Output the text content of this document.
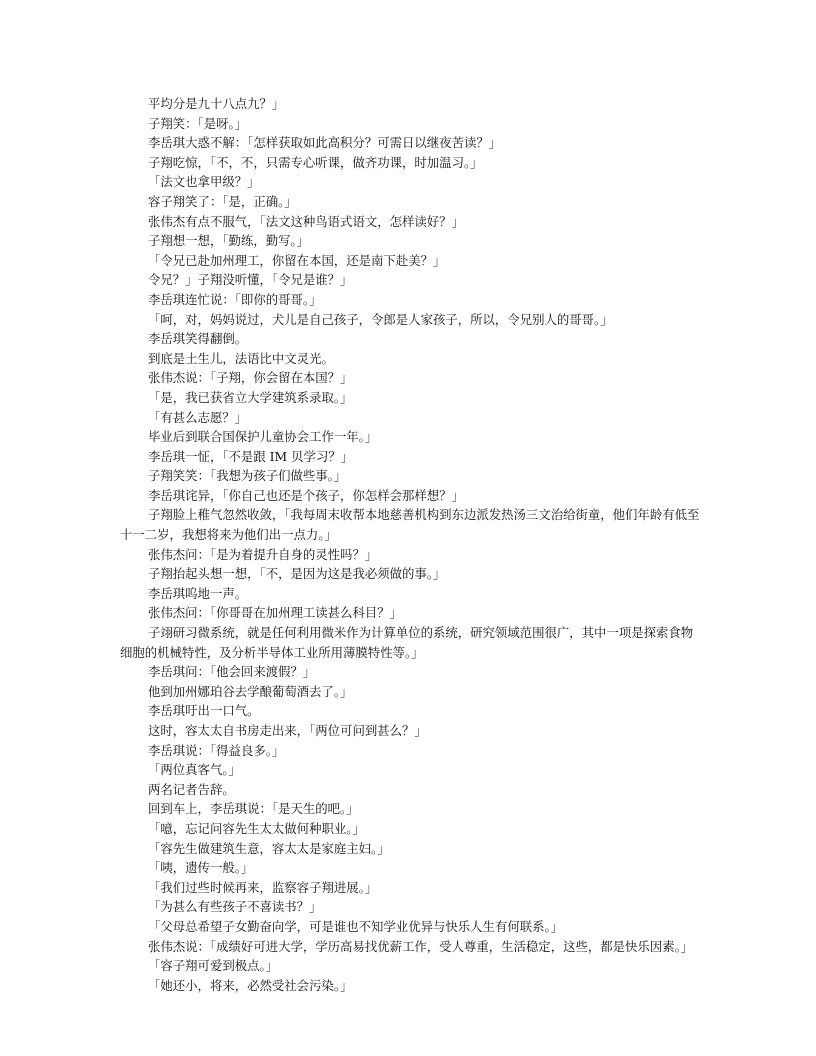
平均分是九十八点九？」

子翔笑：「是呀。」

李岳琪大惑不解：「怎样获取如此高积分？可需日以继夜苦读？」

子翔吃惊，「不，不，只需专心听课，做齐功课，时加温习。」

「法文也拿甲级？」

容子翔笑了：「是，正确。」

张伟杰有点不服气，「法文这种鸟语式语文，怎样读好？」

子翔想一想，「勤练，勤写。」

「令兄已赴加州理工，你留在本国，还是南下赴美？」

令兄？」子翔没听懂，「令兄是谁？」

李岳琪连忙说：「即你的哥哥。」

「呵，对，妈妈说过，犬儿是自己孩子，令郎是人家孩子，所以，令兄别人的哥哥。」

李岳琪笑得翻倒。

到底是土生儿，法语比中文灵光。

张伟杰说：「子翔，你会留在本国？」

「是，我已获省立大学建筑系录取。」

「有甚么志愿？」

毕业后到联合国保护儿童协会工作一年。」

李岳琪一怔，「不是跟 IM 贝学习？」

子翔笑笑：「我想为孩子们做些事。」

李岳琪诧异，「你自己也还是个孩子，你怎样会那样想？」

子翔脸上稚气忽然收敛，「我每周末收帮本地慈善机构到东边派发热汤三文治给街童，他们年龄有低至十一二岁，我想将来为他们出一点力。」

张伟杰问：「是为着提升自身的灵性吗？」

子翔抬起头想一想，「不，是因为这是我必须做的事。」

李岳琪呜地一声。

张伟杰问：「你哥哥在加州理工读甚么科目？」

子翊研习微系统，就是任何利用微米作为计算单位的系统，研究领域范围很广，其中一项是探索食物细胞的机械特性，及分析半导体工业所用薄膜特性等。」

李岳琪问：「他会回来渡假？」

他到加州娜珀谷去学酿葡萄酒去了。」

李岳琪吁出一口气。

这时，容太太自书房走出来，「两位可问到甚么？」

李岳琪说：「得益良多。」

「两位真客气。」

两名记者告辞。

回到车上，李岳琪说：「是天生的吧。」

「噫，忘记问容先生太太做何种职业。」

「容先生做建筑生意，容太太是家庭主妇。」

「咦，遗传一般。」

「我们过些时候再来，监察容子翔进展。」

「为甚么有些孩子不喜读书？」

「父母总希望子女勤奋向学，可是谁也不知学业优异与快乐人生有何联系。」

张伟杰说：「成绩好可进大学，学历高易找优薪工作，受人尊重，生活稳定，这些，都是快乐因素。」

「容子翔可爱到极点。」

「她还小，将来，必然受社会污染。」
